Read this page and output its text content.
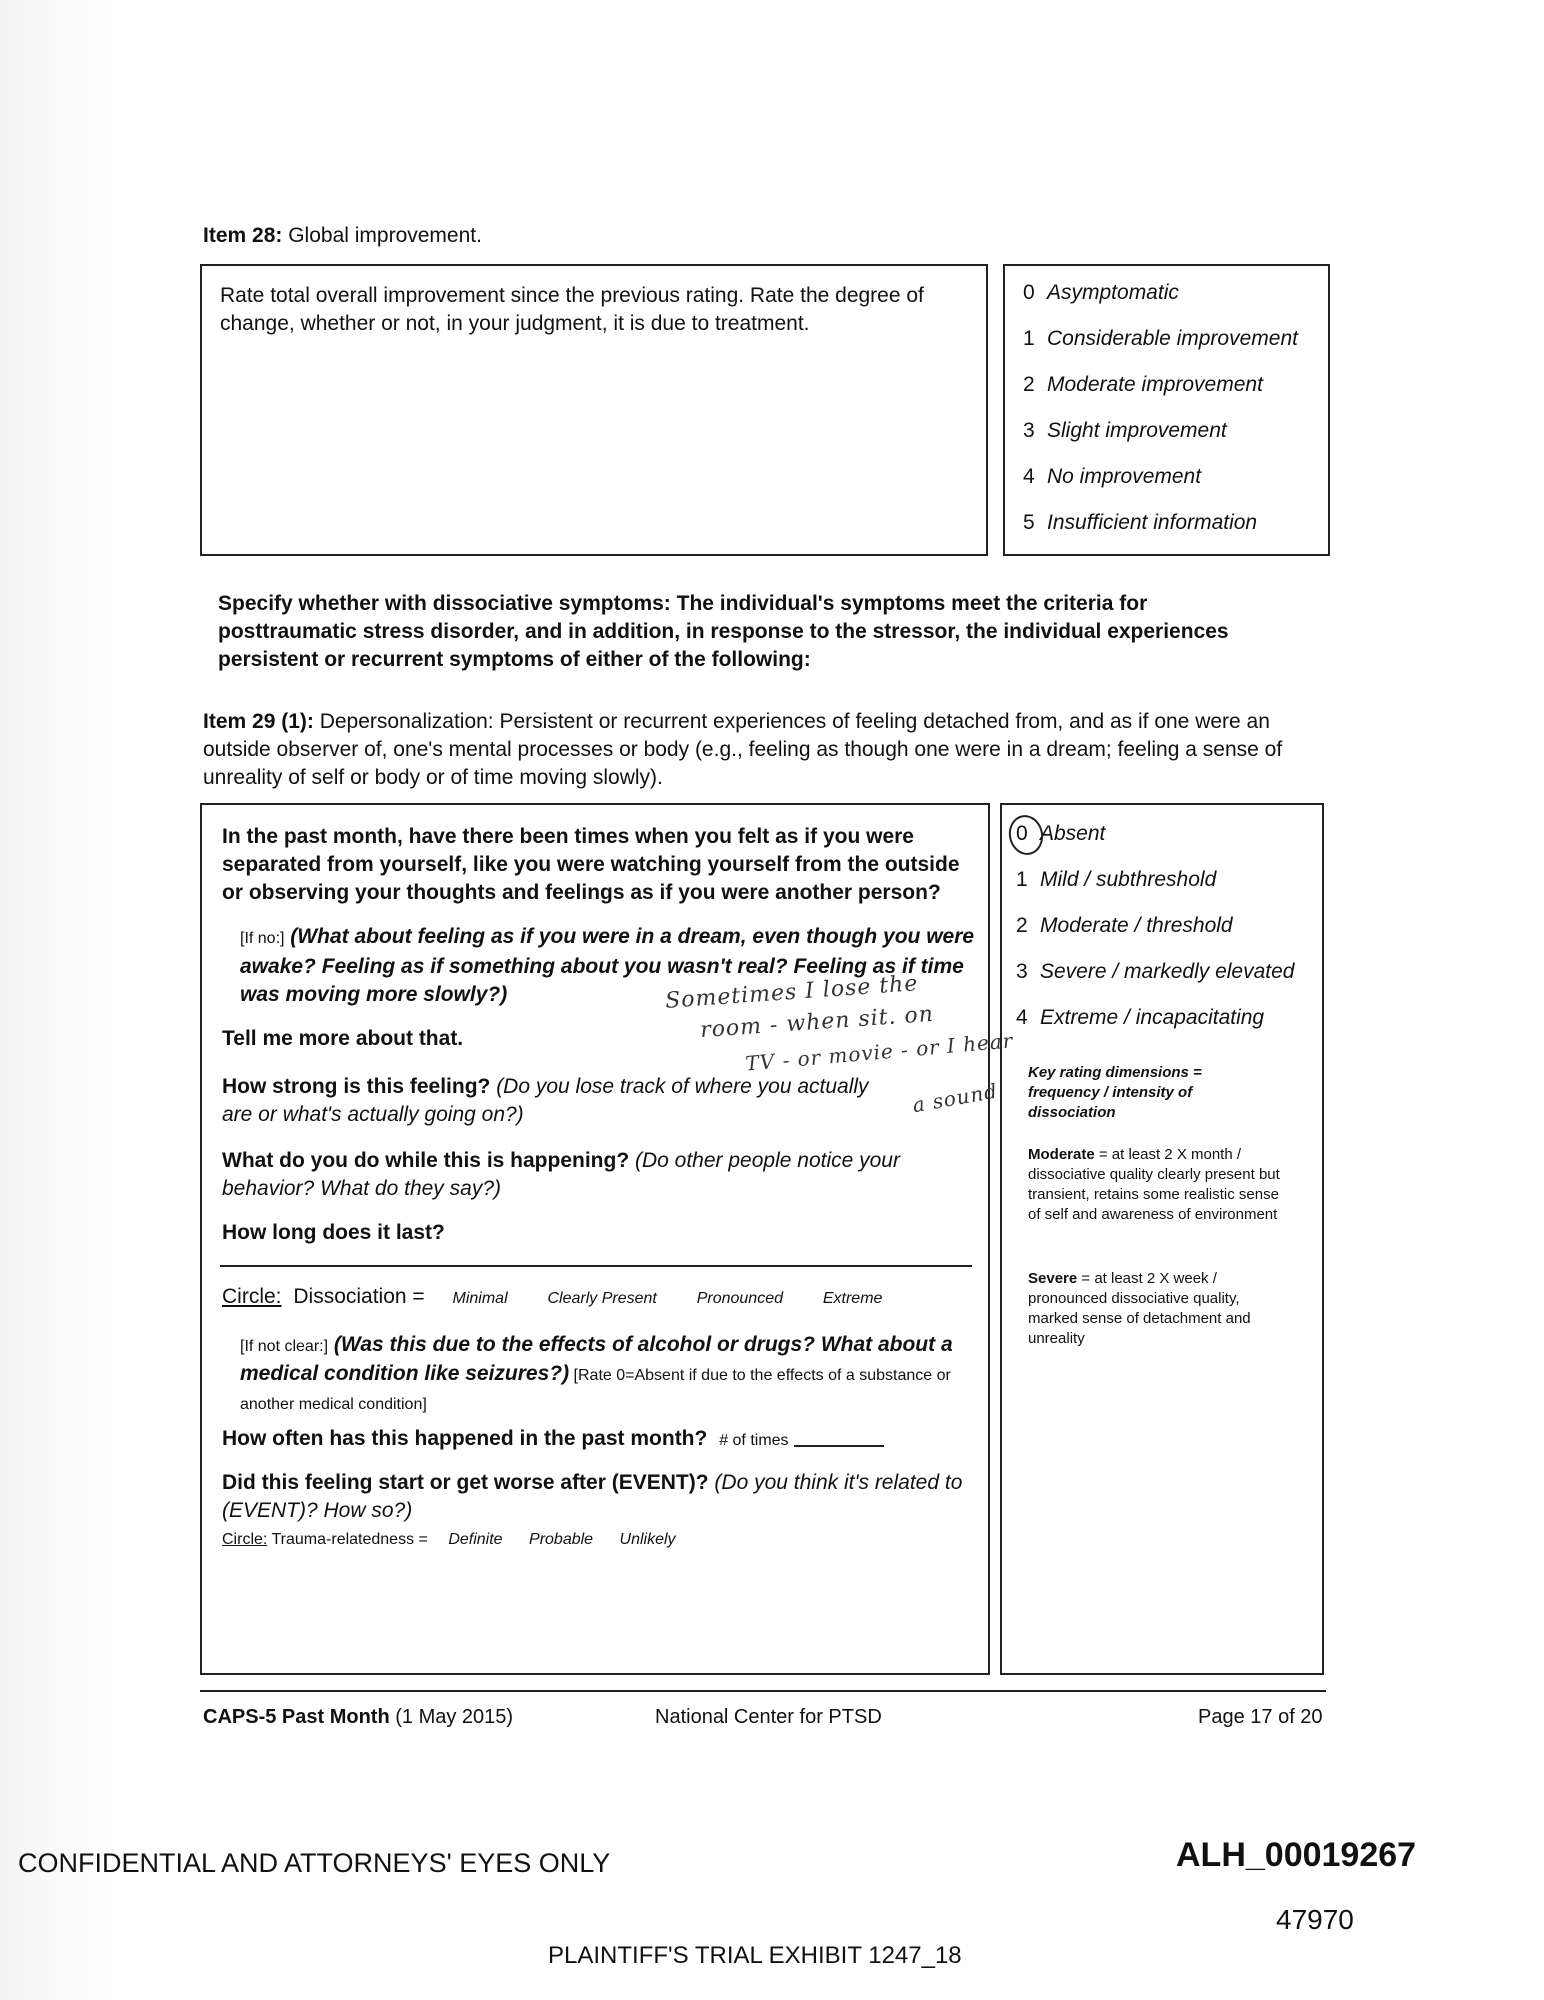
Item 28: Global improvement.
Rate total overall improvement since the previous rating. Rate the degree of change, whether or not, in your judgment, it is due to treatment.
0 Asymptomatic
1 Considerable improvement
2 Moderate improvement
3 Slight improvement
4 No improvement
5 Insufficient information
Specify whether with dissociative symptoms: The individual's symptoms meet the criteria for posttraumatic stress disorder, and in addition, in response to the stressor, the individual experiences persistent or recurrent symptoms of either of the following:
Item 29 (1): Depersonalization: Persistent or recurrent experiences of feeling detached from, and as if one were an outside observer of, one's mental processes or body (e.g., feeling as though one were in a dream; feeling a sense of unreality of self or body or of time moving slowly).
In the past month, have there been times when you felt as if you were separated from yourself, like you were watching yourself from the outside or observing your thoughts and feelings as if you were another person?
[If no:] (What about feeling as if you were in a dream, even though you were awake? Feeling as if something about you wasn't real? Feeling as if time was moving more slowly?)
Tell me more about that.
How strong is this feeling? (Do you lose track of where you actually are or what's actually going on?)
What do you do while this is happening? (Do other people notice your behavior? What do they say?)
How long does it last?
Circle: Dissociation = Minimal Clearly Present Pronounced Extreme
[If not clear:] (Was this due to the effects of alcohol or drugs? What about a medical condition like seizures?) [Rate 0=Absent if due to the effects of a substance or another medical condition]
How often has this happened in the past month? # of times
Did this feeling start or get worse after (EVENT)? (Do you think it's related to (EVENT)? How so?)
Circle: Trauma-relatedness = Definite Probable Unlikely
Sometimes I lose the
room - when sit. on
TV - or movie - or I hear
a sound
0 Absent
1 Mild / subthreshold
2 Moderate / threshold
3 Severe / markedly elevated
4 Extreme / incapacitating
Key rating dimensions = frequency / intensity of dissociation
Moderate = at least 2 X month / dissociative quality clearly present but transient, retains some realistic sense of self and awareness of environment
Severe = at least 2 X week / pronounced dissociative quality, marked sense of detachment and unreality
CAPS-5 Past Month (1 May 2015)	National Center for PTSD	Page 17 of 20
CONFIDENTIAL AND ATTORNEYS' EYES ONLY	ALH_00019267
47970
PLAINTIFF'S TRIAL EXHIBIT 1247_18
